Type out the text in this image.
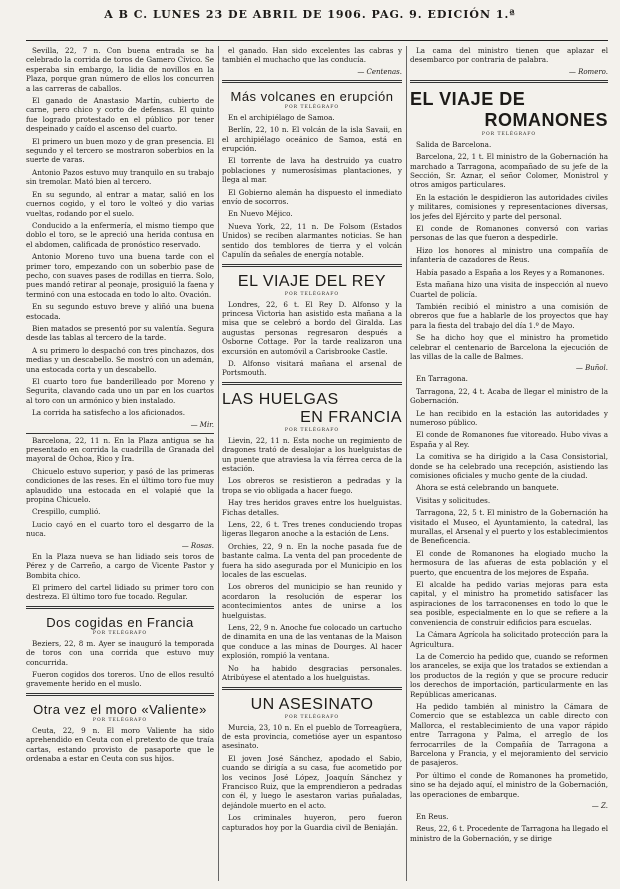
A B C. LUNES 23 DE ABRIL DE 1906. PAG. 9. EDICIÓN 1.ª

Sevilla, 22, 7 n. Con buena entrada se ha celebrado la corrida de toros de Gamero Cívico. Se esperaba sin embargo, la lidia de novillos en la Plaza, porque gran número de ellos los concurren a las carreras de caballos.

El ganado de Anastasio Martín, cubierto de carne, pero chico y corto de defensas. El quinto fue logrado protestado en el público por tener despeinado y caído el ascenso del cuarto.

El primero un buen mozo y de gran presencia. El segundo y el tercero se mostraron soberbios en la suerte de varas.

Antonio Pazos estuvo muy tranquilo en su trabajo sin tremolar. Mató bien al tercero.

En su segundo, al entrar a matar, salió en los cuernos cogido, y el toro le volteó y dio varias vueltas, rodando por el suelo.

Conducido a la enfermería, el mismo tiempo que doblo el toro, se le apreció una herida contusa en el abdomen, calificada de pronóstico reservado.

Antonio Moreno tuvo una buena tarde con el primer toro, empezando con un soberbio pase de pecho, con suaves pases de rodillas en tierra. Solo, pues mandó retirar al peonaje, prosiguió la faena y terminó con una estocada en todo lo alto. Ovación.

En su segundo estuvo breve y aliñó una buena estocada.

Bien matados se presentó por su valentía. Segura desde las tablas al tercero de la tarde.

A su primero lo despachó con tres pinchazos, dos medias y un descabello. Se mostró con un ademán, una estocada corta y un descabello.

El cuarto toro fue banderilleado por Moreno y Segurita, clavando cada uno un par en los cuartos al toro con un armónico y bien instalado.

La corrida ha satisfecho a los aficionados.

— Mir.

Barcelona, 22, 11 n. En la Plaza antigua se ha presentado en corrida la cuadrilla de Granada del mayoral de Ochoa, Rico y Ira.

Chicuelo estuvo superior, y pasó de las primeras condiciones de las reses. En el último toro fue muy aplaudido una estocada en el volapié que la propina Chicuelo.

Crespillo, cumplió.

Lucio cayó en el cuarto toro el desgarro de la nuca.

— Rosas.

En la Plaza nueva se han lidiado seis toros de Pérez y de Carreño, a cargo de Vicente Pastor y Bombita chico.

El primero del cartel lidiado su primer toro con destreza. El último toro fue tocado. Regular.

Dos cogidas en Francia
POR TELÉGRAFO

Beziers, 22, 8 m. Ayer se inauguró la temporada de toros con una corrida que estuvo muy concurrida.

Fueron cogidos dos toreros. Uno de ellos resultó gravemente herido en el muslo.

Otra vez el moro «Valiente»
POR TELÉGRAFO

Ceuta, 22, 9 n. El moro Valiente ha sido aprehendido en Ceuta con el pretexto de que traía cartas, estando provisto de pasaporte que le ordenaba a estar en Ceuta con sus hijos.

el ganado. Han sido excelentes las cabras y también el muchacho que las conducía.

— Centenas.
Más volcanes en erupción
POR TELÉGRAFO

En el archipiélago de Samoa.

Berlín, 22, 10 n. El volcán de la isla Savaii, en el archipiélago oceánico de Samoa, está en erupción.

El torrente de lava ha destruido ya cuatro poblaciones y numerosísimas plantaciones, y llega al mar.

El Gobierno alemán ha dispuesto el inmediato envío de socorros.

En Nuevo Méjico.

Nueva York, 22, 11 n. De Folsom (Estados Unidos) se reciben alarmantes noticias. Se han sentido dos temblores de tierra y el volcán Capulín da señales de energía notable.

EL VIAJE DEL REY
POR TELÉGRAFO

Londres, 22, 6 t. El Rey D. Alfonso y la princesa Victoria han asistido esta mañana a la misa que se celebró a bordo del Giralda. Las augustas personas regresaron después a Osborne Cottage. Por la tarde realizaron una excursión en automóvil a Carisbrooke Castle.

D. Alfonso visitará mañana el arsenal de Portsmouth.

LAS HUELGAS
EN FRANCIA
POR TELÉGRAFO

Lievin, 22, 11 n. Esta noche un regimiento de dragones trató de desalojar a los huelguistas de un puente que atraviesa la vía férrea cerca de la estación.

Los obreros se resistieron a pedradas y la tropa se vio obligada a hacer fuego.

Hay tres heridos graves entre los huelguistas. Fichas detalles.

Lens, 22, 6 t. Tres trenes conduciendo tropas ligeras llegaron anoche a la estación de Lens.

Orchies, 22, 9 n. En la noche pasada fue de bastante calma. La venta del pan procedente de fuera ha sido asegurada por el Municipio en los locales de las escuelas.

Los obreros del municipio se han reunido y acordaron la resolución de esperar los acontecimientos antes de unirse a los huelguistas.

Lens, 22, 9 n. Anoche fue colocado un cartucho de dinamita en una de las ventanas de la Maison que conduce a las minas de Dourges. Al hacer explosión, rompió la ventana.

No ha habido desgracias personales. Atribúyese el atentado a los huelguistas.

UN ASESINATO
POR TELÉGRAFO

Murcia, 23, 10 n. En el pueblo de Torreagüera, de esta provincia, cometióse ayer un espantoso asesinato.

El joven José Sánchez, apodado el Sabio, cuando se dirigía a su casa, fue acometido por los vecinos José López, Joaquín Sánchez y Francisco Ruiz, que la emprendieron a pedradas con él, y luego le asestaron varias puñaladas, dejándole muerto en el acto.

Los criminales huyeron, pero fueron capturados hoy por la Guardia civil de Beniaján.

La cama del ministro tienen que aplazar el desembarco por contraria de palabra.

— Romero.
EL VIAJE DE
ROMANONES
POR TELÉGRAFO

Salida de Barcelona.

Barcelona, 22, 1 t. El ministro de la Gobernación ha marchado a Tarragona, acompañado de su jefe de la Sección, Sr. Aznar, el señor Colomer, Monistrol y otros amigos particulares.

En la estación le despidieron las autoridades civiles y militares, comisiones y representaciones diversas, los jefes del Ejército y parte del personal.

El conde de Romanones conversó con varias personas de las que fueron a despedirle.

Hizo los honores al ministro una compañía de infantería de cazadores de Reus.

Había pasado a España a los Reyes y a Romanones.

Esta mañana hizo una visita de inspección al nuevo Cuartel de policía.

También recibió el ministro a una comisión de obreros que fue a hablarle de los proyectos que hay para la fiesta del trabajo del día 1.º de Mayo.

Se ha dicho hoy que el ministro ha prometido celebrar el centenario de Barcelona la ejecución de las villas de la calle de Balmes.

— Buñol.

En Tarragona.

Tarragona, 22, 4 t. Acaba de llegar el ministro de la Gobernación.

Le han recibido en la estación las autoridades y numeroso público.

El conde de Romanones fue vitoreado. Hubo vivas a España y al Rey.

La comitiva se ha dirigido a la Casa Consistorial, donde se ha celebrado una recepción, asistiendo las comisiones oficiales y mucho gente de la ciudad.

Ahora se está celebrando un banquete.

Visitas y solicitudes.

Tarragona, 22, 5 t. El ministro de la Gobernación ha visitado el Museo, el Ayuntamiento, la catedral, las murallas, el Arsenal y el puerto y los establecimientos de Beneficencia.

El conde de Romanones ha elogiado mucho la hermosura de las afueras de esta población y el puerto, que encuentra de los mejores de España.

El alcalde ha pedido varias mejoras para esta capital, y el ministro ha prometido satisfacer las aspiraciones de los tarraconenses en todo lo que le sea posible, especialmente en lo que se refiere a la conveniencia de construir edificios para escuelas.

La Cámara Agrícola ha solicitado protección para la Agricultura.

La de Comercio ha pedido que, cuando se reformen los aranceles, se exija que los tratados se extiendan a los productos de la región y que se procure reducir los derechos de importación, particularmente en las Repúblicas americanas.

Ha pedido también al ministro la Cámara de Comercio que se establezca un cable directo con Mallorca, el restablecimiento de una vapor rápido entre Tarragona y Palma, el arreglo de los ferrocarriles de la Compañía de Tarragona a Barcelona y Francia, y el mejoramiento del servicio de pasajeros.

Por último el conde de Romanones ha prometido, sino se ha dejado aquí, el ministro de la Gobernación, las operaciones de embarque.

— Z.

En Reus.

Reus, 22, 6 t. Procedente de Tarragona ha llegado el ministro de la Gobernación, y se dirige
